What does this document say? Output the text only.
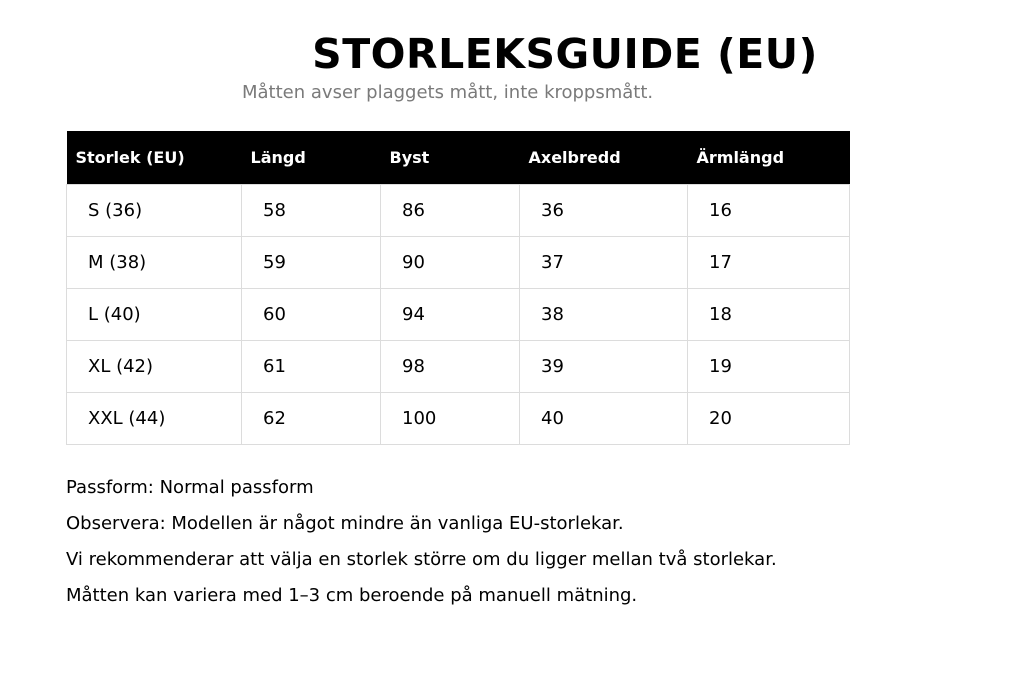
STORLEKSGUIDE (EU)
Måtten avser plaggets mått, inte kroppsmått.
Storlek (EU)	Längd	Byst	Axelbredd	Ärmlängd
S (36)	58	86	36	16
M (38)	59	90	37	17
L (40)	60	94	38	18
XL (42)	61	98	39	19
XXL (44)	62	100	40	20

Passform: Normal passform

Observera: Modellen är något mindre än vanliga EU-storlekar.

Vi rekommenderar att välja en storlek större om du ligger mellan två storlekar.

Måtten kan variera med 1–3 cm beroende på manuell mätning.
